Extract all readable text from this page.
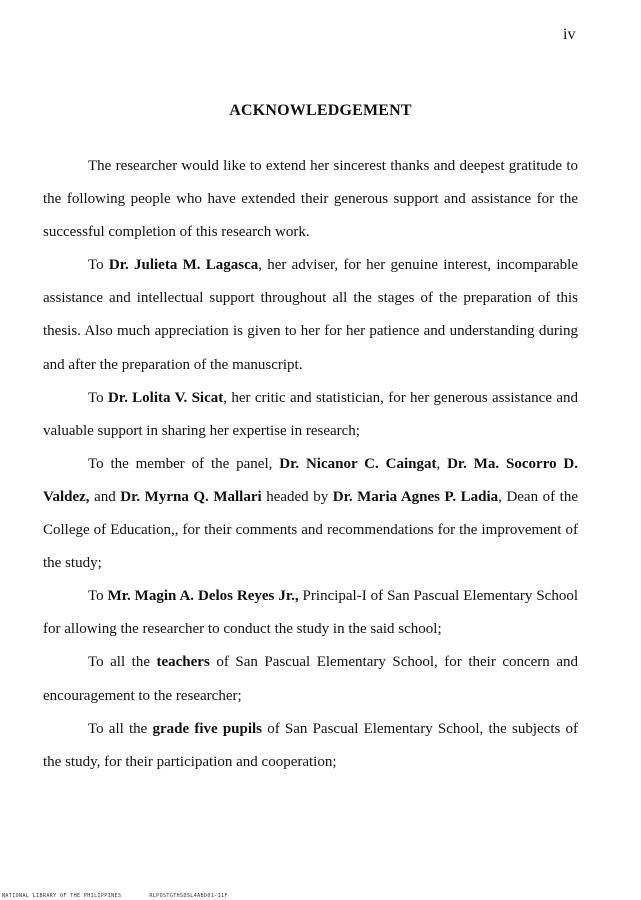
iv
ACKNOWLEDGEMENT

The researcher would like to extend her sincerest thanks and deepest gratitude to the following people who have extended their generous support and assistance for the successful completion of this research work.

To Dr. Julieta M. Lagasca, her adviser, for her genuine interest, incomparable assistance and intellectual support throughout all the stages of the preparation of this thesis. Also much appreciation is given to her for her patience and understanding during and after the preparation of the manuscript.

To Dr. Lolita V. Sicat, her critic and statistician, for her generous assistance and valuable support in sharing her expertise in research;

To the member of the panel, Dr. Nicanor C. Caingat, Dr. Ma. Socorro D. Valdez, and Dr. Myrna Q. Mallari headed by Dr. Maria Agnes P. Ladia, Dean of the College of Education,, for their comments and recommendations for the improvement of the study;

To Mr. Magin A. Delos Reyes Jr., Principal-I of San Pascual Elementary School for allowing the researcher to conduct the study in the said school;

To all the teachers of San Pascual Elementary School, for their concern and encouragement to the researcher;

To all the grade five pupils of San Pascual Elementary School, the subjects of the study, for their participation and cooperation;

NATIONAL LIBRARY OF THE PHILIPPINES	RLPOSTGTHSDSL4ABD01-11F
